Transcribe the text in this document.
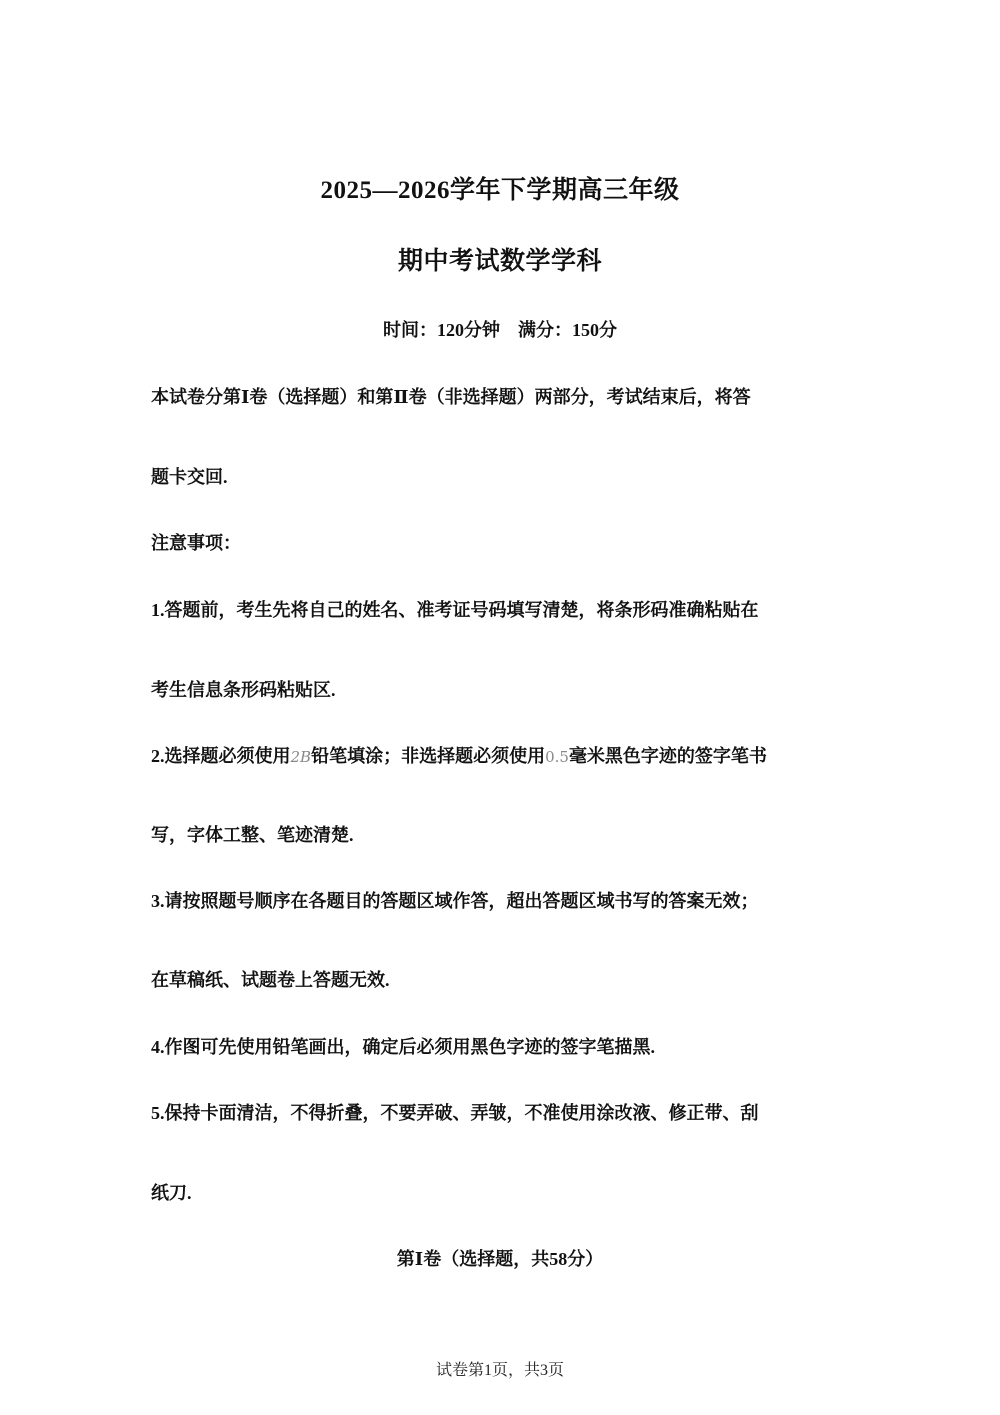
2025—2026学年下学期高三年级
期中考试数学学科
时间：120分钟 满分：150分
本试卷分第Ⅰ卷（选择题）和第Ⅱ卷（非选择题）两部分，考试结束后，将答
题卡交回.
注意事项：
1.答题前，考生先将自己的姓名、准考证号码填写清楚，将条形码准确粘贴在
考生信息条形码粘贴区.
2.选择题必须使用2B铅笔填涂；非选择题必须使用0.5毫米黑色字迹的签字笔书
写，字体工整、笔迹清楚.
3.请按照题号顺序在各题目的答题区域作答，超出答题区域书写的答案无效；
在草稿纸、试题卷上答题无效.
4.作图可先使用铅笔画出，确定后必须用黑色字迹的签字笔描黑.
5.保持卡面清洁，不得折叠，不要弄破、弄皱，不准使用涂改液、修正带、刮
纸刀.
第Ⅰ卷（选择题，共58分）
试卷第1页，共3页
